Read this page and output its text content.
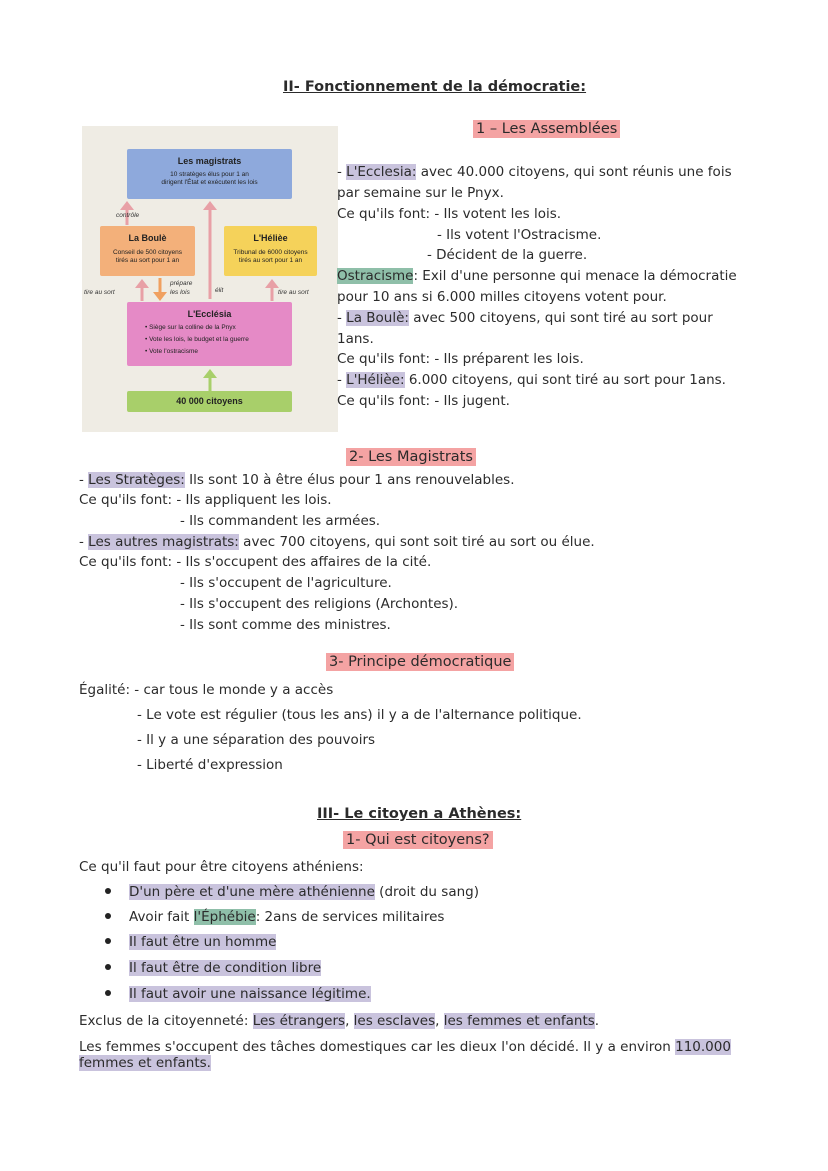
II- Fonctionnement de la démocratie:
1 – Les Assemblées
Les magistrats
10 stratèges élus pour 1 an
dirigent l'État et exécutent les lois
contrôle
La Boulè
Conseil de 500 citoyens
tirés au sort pour 1 an
L'Hélièe
Tribunal de 6000 citoyens
tirés au sort pour 1 an
tire au sort
prépare
les lois	élit	tire au sort
L'Ecclésia
• Siège sur la colline de la Pnyx
• Vote les lois, le budget et la guerre
• Vote l'ostracisme
40 000 citoyens
- L'Ecclesia: avec 40.000 citoyens, qui sont réunis une fois
par semaine sur le Pnyx.
Ce qu'ils font: - Ils votent les lois.
- Ils votent l'Ostracisme.
- Décident de la guerre.
Ostracisme: Exil d'une personne qui menace la démocratie
pour 10 ans si 6.000 milles citoyens votent pour.
- La Boulè: avec 500 citoyens, qui sont tiré au sort pour
1ans.
Ce qu'ils font: - Ils préparent les lois.
- L'Hélièe: 6.000 citoyens, qui sont tiré au sort pour 1ans.
Ce qu'ils font: - Ils jugent.
2- Les Magistrats
- Les Stratèges: Ils sont 10 à être élus pour 1 ans renouvelables.
Ce qu'ils font: - Ils appliquent les lois.
- Ils commandent les armées.
- Les autres magistrats: avec 700 citoyens, qui sont soit tiré au sort ou élue.
Ce qu'ils font: - Ils s'occupent des affaires de la cité.
- Ils s'occupent de l'agriculture.
- Ils s'occupent des religions (Archontes).
- Ils sont comme des ministres.
3- Principe démocratique
Égalité: - car tous le monde y a accès
- Le vote est régulier (tous les ans) il y a de l'alternance politique.
- Il y a une séparation des pouvoirs
- Liberté d'expression
III- Le citoyen a Athènes:
1- Qui est citoyens?
Ce qu'il faut pour être citoyens athéniens:
D'un père et d'une mère athénienne (droit du sang)
Avoir fait l'Éphébie: 2ans de services militaires
Il faut être un homme
Il faut être de condition libre
Il faut avoir une naissance légitime.
Exclus de la citoyenneté: Les étrangers, les esclaves, les femmes et enfants.
Les femmes s'occupent des tâches domestiques car les dieux l'on décidé. Il y a environ 110.000
femmes et enfants.
